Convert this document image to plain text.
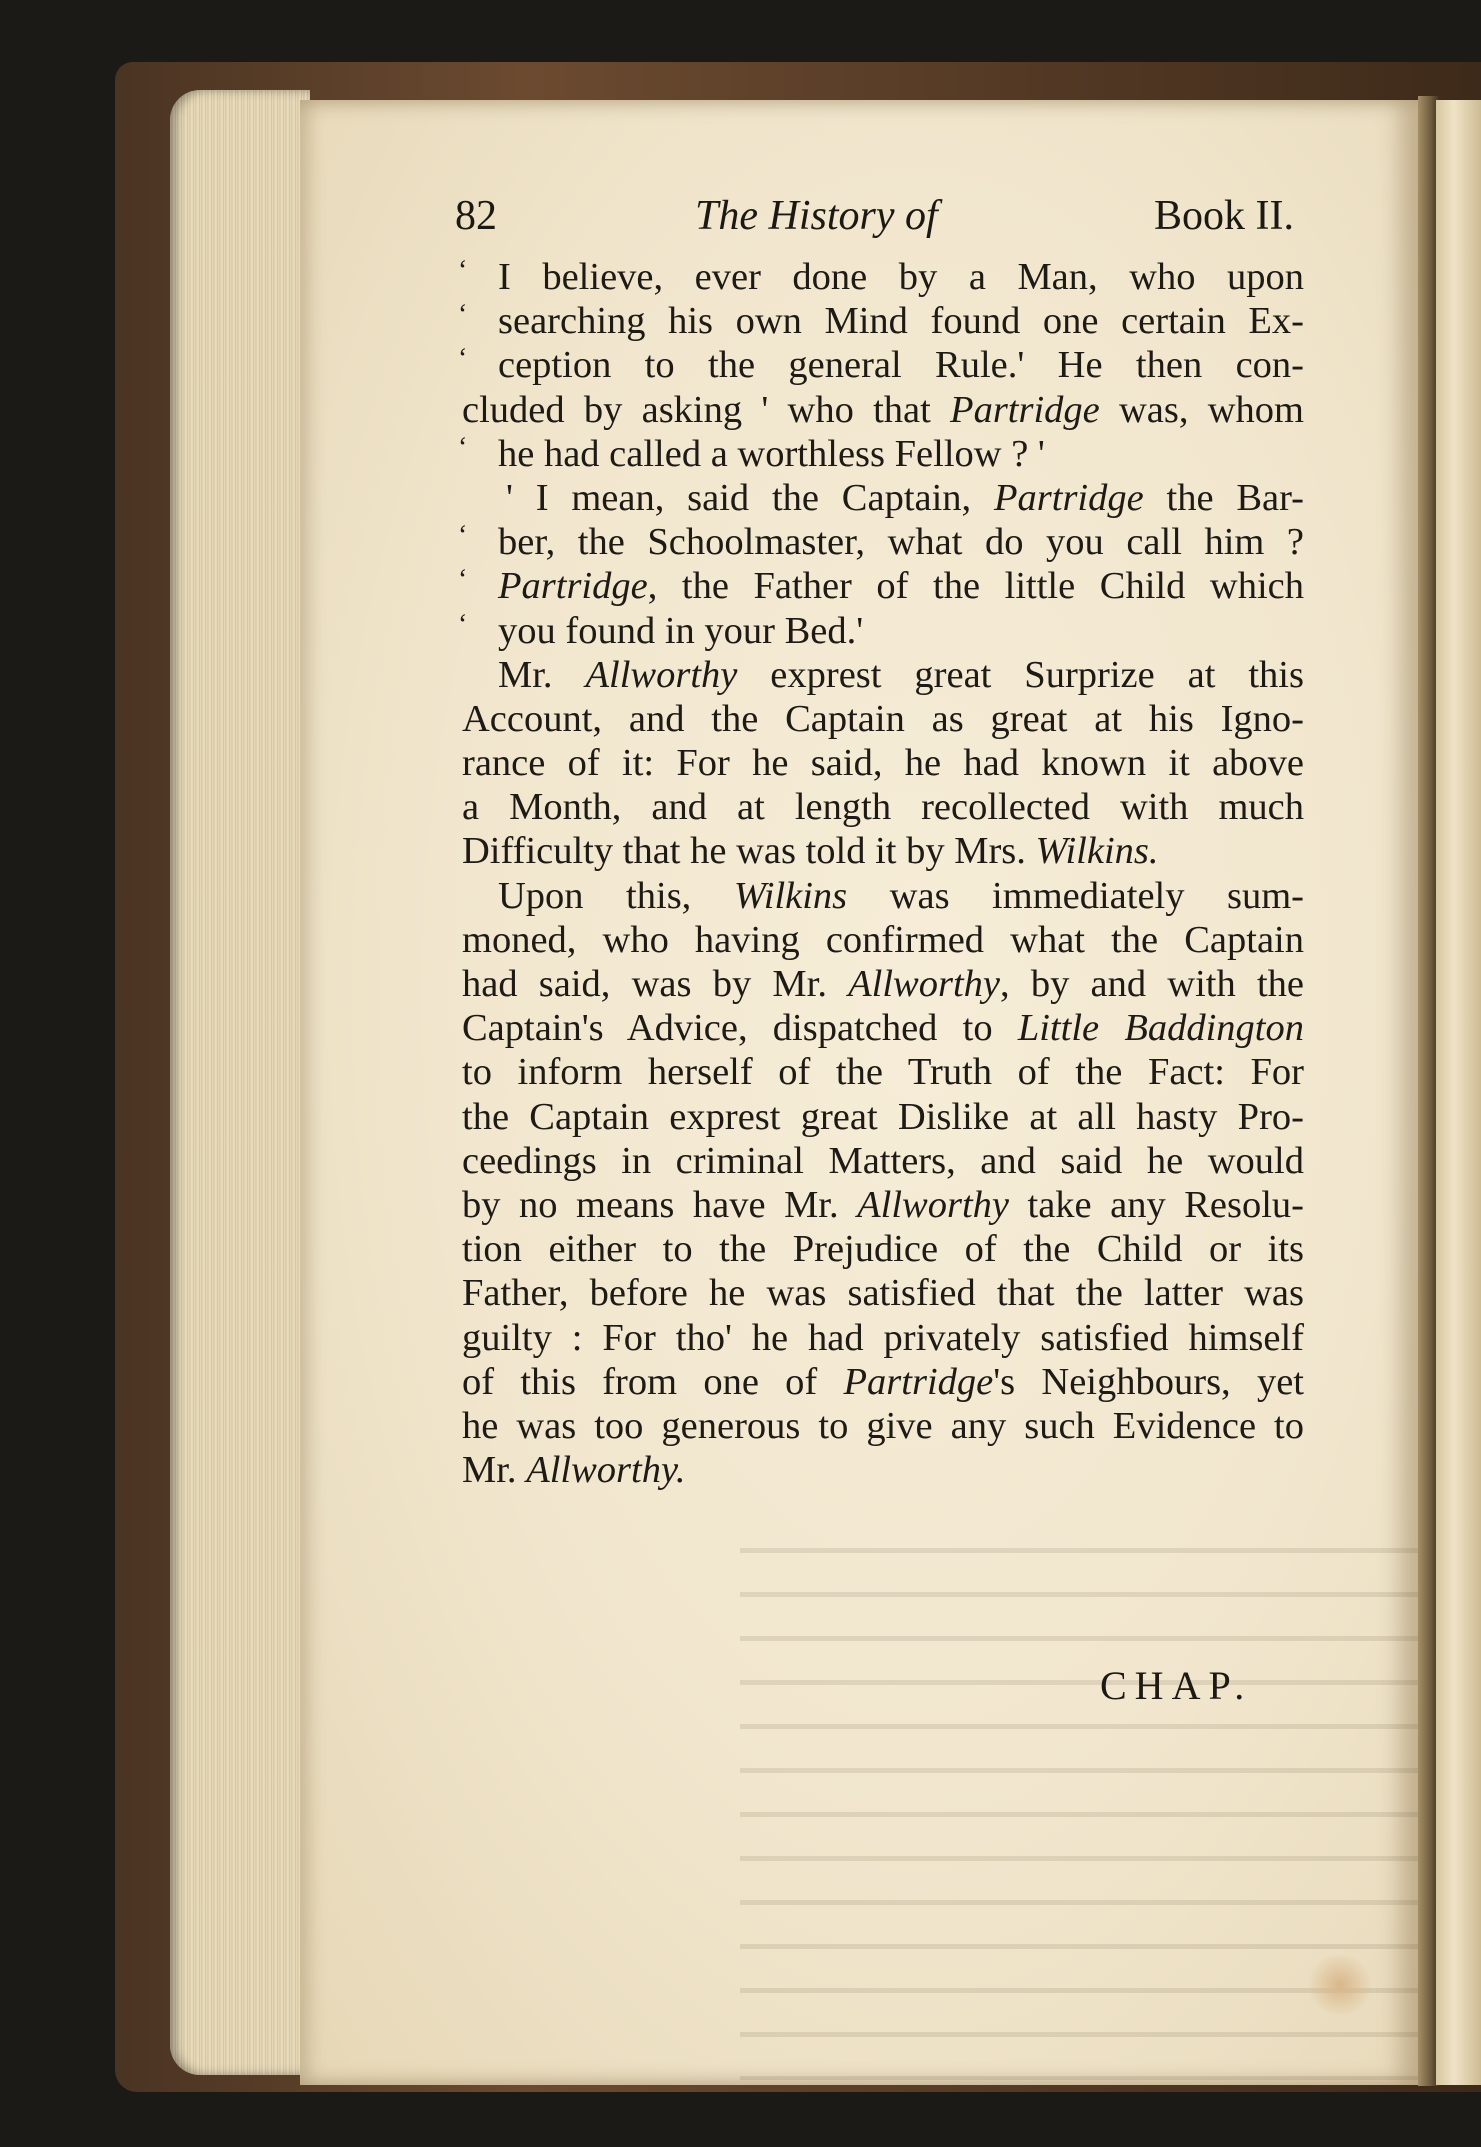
82	The History of	Book II.
‘ I believe, ever done by a Man, who upon
‘ searching his own Mind found one certain Ex-
‘ ception to the general Rule.' He then con-
cluded by asking ' who that Partridge was, whom
‘ he had called a worthless Fellow ? '
' I mean, said the Captain, Partridge the Bar-
‘ ber, the Schoolmaster, what do you call him ?
‘ Partridge, the Father of the little Child which
‘ you found in your Bed.'
Mr. Allworthy exprest great Surprize at this
Account, and the Captain as great at his Igno-
rance of it: For he said, he had known it above
a Month, and at length recollected with much
Difficulty that he was told it by Mrs. Wilkins.
Upon this, Wilkins was immediately sum-
moned, who having confirmed what the Captain
had said, was by Mr. Allworthy, by and with the
Captain's Advice, dispatched to Little Baddington
to inform herself of the Truth of the Fact: For
the Captain exprest great Dislike at all hasty Pro-
ceedings in criminal Matters, and said he would
by no means have Mr. Allworthy take any Resolu-
tion either to the Prejudice of the Child or its
Father, before he was satisfied that the latter was
guilty : For tho' he had privately satisfied himself
of this from one of Partridge's Neighbours, yet
he was too generous to give any such Evidence to
Mr. Allworthy.
CHAP.
